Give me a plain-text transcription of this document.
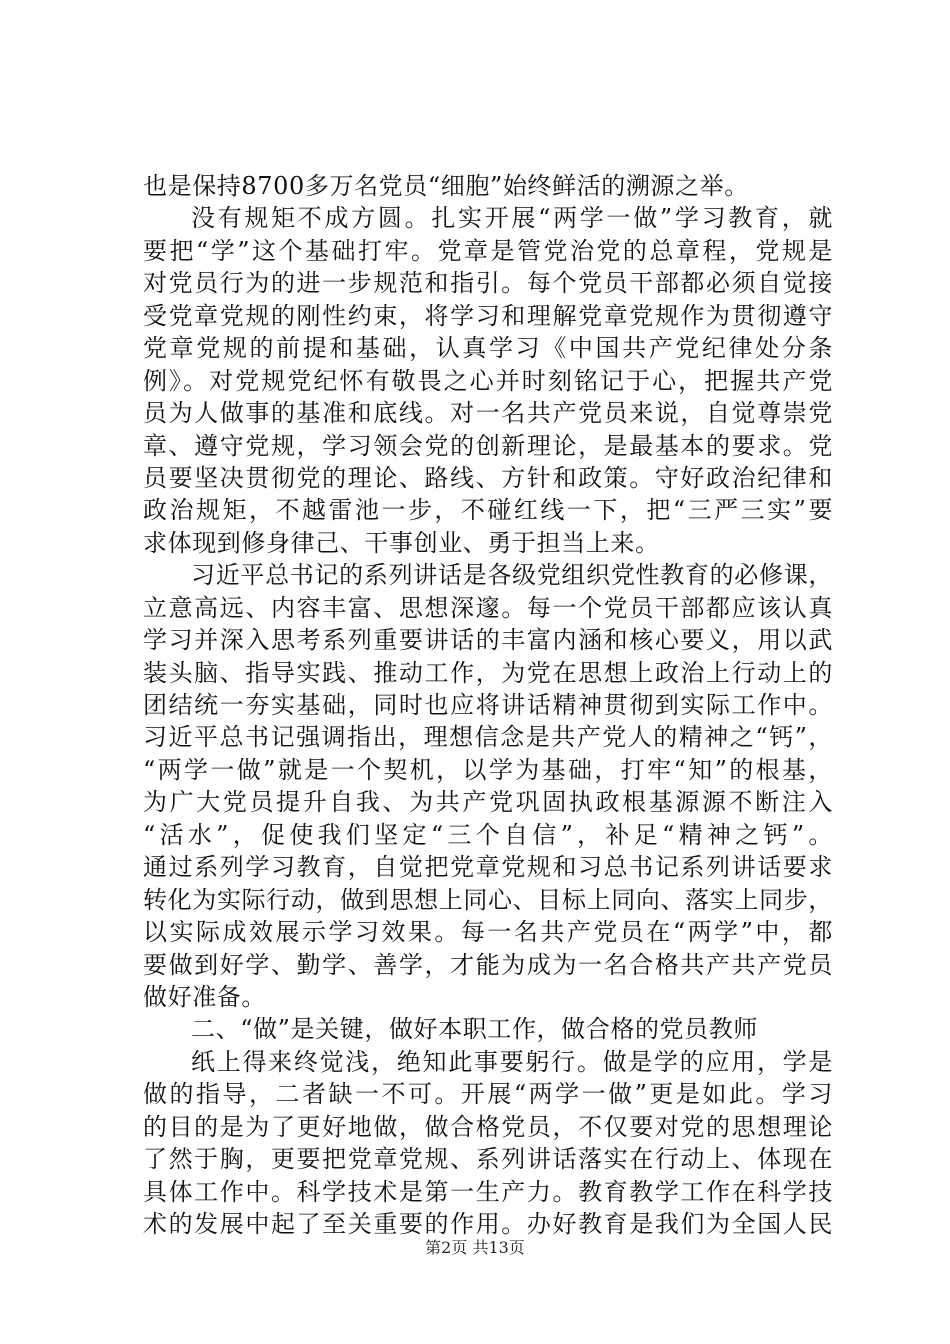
也是保持8700多万名党员“细胞”始终鲜活的溯源之举。
没有规矩不成方圆。扎实开展“两学一做”学习教育，就
要把“学”这个基础打牢。党章是管党治党的总章程，党规是
对党员行为的进一步规范和指引。每个党员干部都必须自觉接
受党章党规的刚性约束，将学习和理解党章党规作为贯彻遵守
党章党规的前提和基础，认真学习《中国共产党纪律处分条
例》。对党规党纪怀有敬畏之心并时刻铭记于心，把握共产党
员为人做事的基准和底线。对一名共产党员来说，自觉尊崇党
章、遵守党规，学习领会党的创新理论，是最基本的要求。党
员要坚决贯彻党的理论、路线、方针和政策。守好政治纪律和
政治规矩，不越雷池一步，不碰红线一下，把“三严三实”要
求体现到修身律己、干事创业、勇于担当上来。
习近平总书记的系列讲话是各级党组织党性教育的必修课，
立意高远、内容丰富、思想深邃。每一个党员干部都应该认真
学习并深入思考系列重要讲话的丰富内涵和核心要义，用以武
装头脑、指导实践、推动工作，为党在思想上政治上行动上的
团结统一夯实基础，同时也应将讲话精神贯彻到实际工作中。
习近平总书记强调指出，理想信念是共产党人的精神之“钙”，
“两学一做”就是一个契机，以学为基础，打牢“知”的根基，
为广大党员提升自我、为共产党巩固执政根基源源不断注入
“活水”，促使我们坚定“三个自信”，补足“精神之钙”。
通过系列学习教育，自觉把党章党规和习总书记系列讲话要求
转化为实际行动，做到思想上同心、目标上同向、落实上同步，
以实际成效展示学习效果。每一名共产党员在“两学”中，都
要做到好学、勤学、善学，才能为成为一名合格共产共产党员
做好准备。
二、“做”是关键，做好本职工作，做合格的党员教师
纸上得来终觉浅，绝知此事要躬行。做是学的应用，学是
做的指导，二者缺一不可。开展“两学一做”更是如此。学习
的目的是为了更好地做，做合格党员，不仅要对党的思想理论
了然于胸，更要把党章党规、系列讲话落实在行动上、体现在
具体工作中。科学技术是第一生产力。教育教学工作在科学技
术的发展中起了至关重要的作用。办好教育是我们为全国人民
第2页 共13页
